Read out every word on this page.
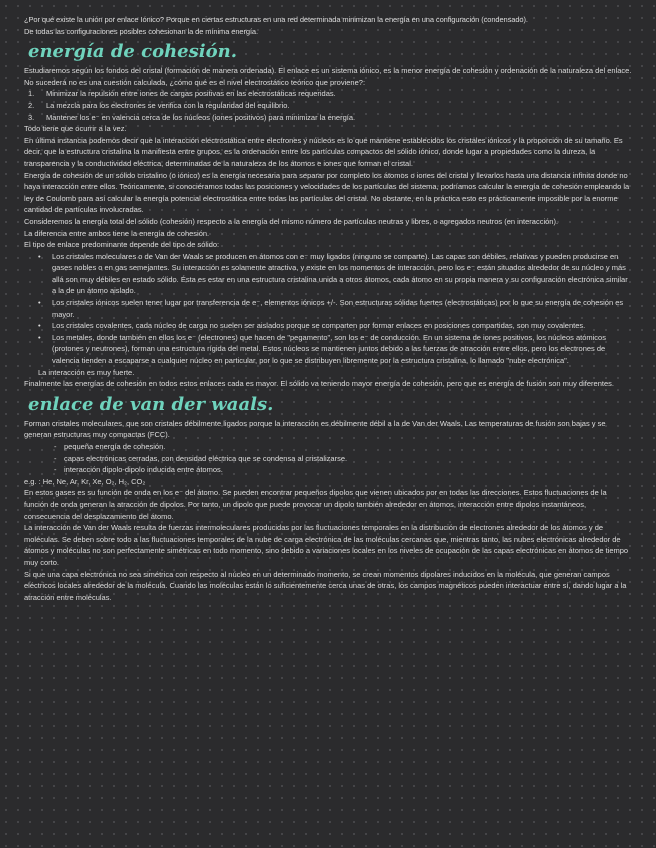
¿Por qué existe la unión por enlace Iónico? Porque en ciertas estructuras en una red determinada minimizan la energía en una configuración (condensado).
De todas las configuraciones posibles cohesionan la de mínima energía.
energía de cohesión.

Estudiaremos según los fondos del cristal (formación de manera ordenada). El enlace es un sistema iónico, es la menor energía de cohesión y ordenación de la naturaleza del enlace. No sucederá no es una cuestión calculada, ¿cómo qué es el nivel electrostático teórico que proviene?:

1. Minimizar la repulsión entre iones de cargas positivas en las electrostáticas requeridas.
2. La mezcla para los electrones se verifica con la regularidad del equilibrio.
3. Mantener los e⁻ en valencia cerca de los núcleos (iones positivos) para minimizar la energía.

Todo tiene que ocurrir a la vez.

En última instancia podemos decir que la interacción electrostática entre electrones y núcleos es lo que mantiene establecidos los cristales iónicos y la proporción de su tamaño. Es decir, que la estructura cristalina la manifiesta entre grupos, es la ordenación entre los partículas compactos del sólido iónico, donde lugar a propiedades como la dureza, la transparencia y la conductividad eléctrica, determinadas de la naturaleza de los átomos e iones que forman el cristal.

Energía de cohesión de un sólido cristalino (o iónico) es la energía necesaria para separar por completo los átomos o iones del cristal y llevarlos hasta una distancia infinita donde no haya interacción entre ellos. Teóricamente, si conociéramos todas las posiciones y velocidades de los partículas del sistema, podríamos calcular la energía de cohesión empleando la ley de Coulomb para así calcular la energía potencial electrostática entre todas las partículas del cristal. No obstante, en la práctica esto es prácticamente imposible por la enorme cantidad de partículas involucradas.

Consideremos la energía total del sólido (cohesión) respecto a la energía del mismo número de partículas neutras y libres, o agregados neutros (en interacción).

La diferencia entre ambos tiene la energía de cohesión.

El tipo de enlace predominante depende del tipo de sólido:

• Los cristales moleculares o de Van der Waals se producen en átomos con e⁻ muy ligados (ninguno se comparte). Las capas son débiles, relativas y pueden producirse en gases nobles o en gas semejantes. Su interacción es solamente atractiva, y existe en los momentos de interacción, pero los e⁻ están situados alrededor de su núcleo y más allá son muy débiles en estado sólido. Ésta es estar en una estructura cristalina unida a otros átomos, cada átomo en su propia manera y su configuración electrónica similar a la de un átomo aislado.
• Los cristales iónicos suelen tener lugar por transferencia de e⁻, elementos iónicos +/-. Son estructuras sólidas fuertes (electrostáticas) por lo que su energía de cohesión es mayor.
• Los cristales covalentes, cada núcleo de carga no suelen ser aislados porque se comparten por formar enlaces en posiciones compartidas, son muy covalentes.
• Los metales, donde también en ellos los e⁻ (electrones) que hacen de "pegamento", son los e⁻ de conducción. En un sistema de iones positivos, los núcleos atómicos (protones y neutrones), forman una estructura rígida del metal. Estos núcleos se mantienen juntos debido a las fuerzas de atracción entre ellos, pero los electrones de valencia tienden a escaparse a cualquier núcleo en particular, por lo que se distribuyen libremente por la estructura cristalina, lo llamado "nube electrónica".

La interacción es muy fuerte.

Finalmente las energías de cohesión en todos estos enlaces cada es mayor. El sólido va teniendo mayor energía de cohesión, pero que es energía de fusión son muy diferentes.

enlace de van der waals.

Forman cristales moleculares, que son cristales débilmente ligados porque la interacción es débilmente débil a la de Van der Waals. Las temperaturas de fusión son bajas y se generan estructuras muy compactas (FCC).

- pequeña energía de cohesión.
- capas electrónicas cerradas, con densidad eléctrica que se condensa al cristalizarse.
- interacción dipolo-dipolo inducida entre átomos.

e.g. : He, Ne, Ar, Kr, Xe, O₂, H₂, CO₂

En estos gases es su función de onda en los e⁻ del átomo. Se pueden encontrar pequeños dipolos que vienen ubicados por en todas las direcciones. Estos fluctuaciones de la función de onda generan la atracción de dipolos. Por tanto, un dipolo que puede provocar un dipolo también alrededor en átomos, interacción entre dipolos instantáneos, consecuencia del desplazamiento del átomo.

La interacción de Van der Waals resulta de fuerzas intermoleculares producidas por las fluctuaciones temporales en la distribución de electrones alrededor de los átomos y de moléculas. Se deben sobre todo a las fluctuaciones temporales de la nube de carga electrónica de las moléculas cercanas que, mientras tanto, las nubes electrónicas alrededor de átomos y moléculas no son perfectamente simétricas en todo momento, sino debido a variaciones locales en los niveles de ocupación de las capas electrónicas en átomos de tiempo muy corto.

Si que una capa electrónica no sea simétrica con respecto al núcleo en un determinado momento, se crean momentos dipolares inducidos en la molécula, que generan campos eléctricos locales alrededor de la molécula. Cuando las moléculas están lo suficientemente cerca unas de otras, los campos magnéticos pueden interactuar entre sí, dando lugar a la atracción entre moléculas.
